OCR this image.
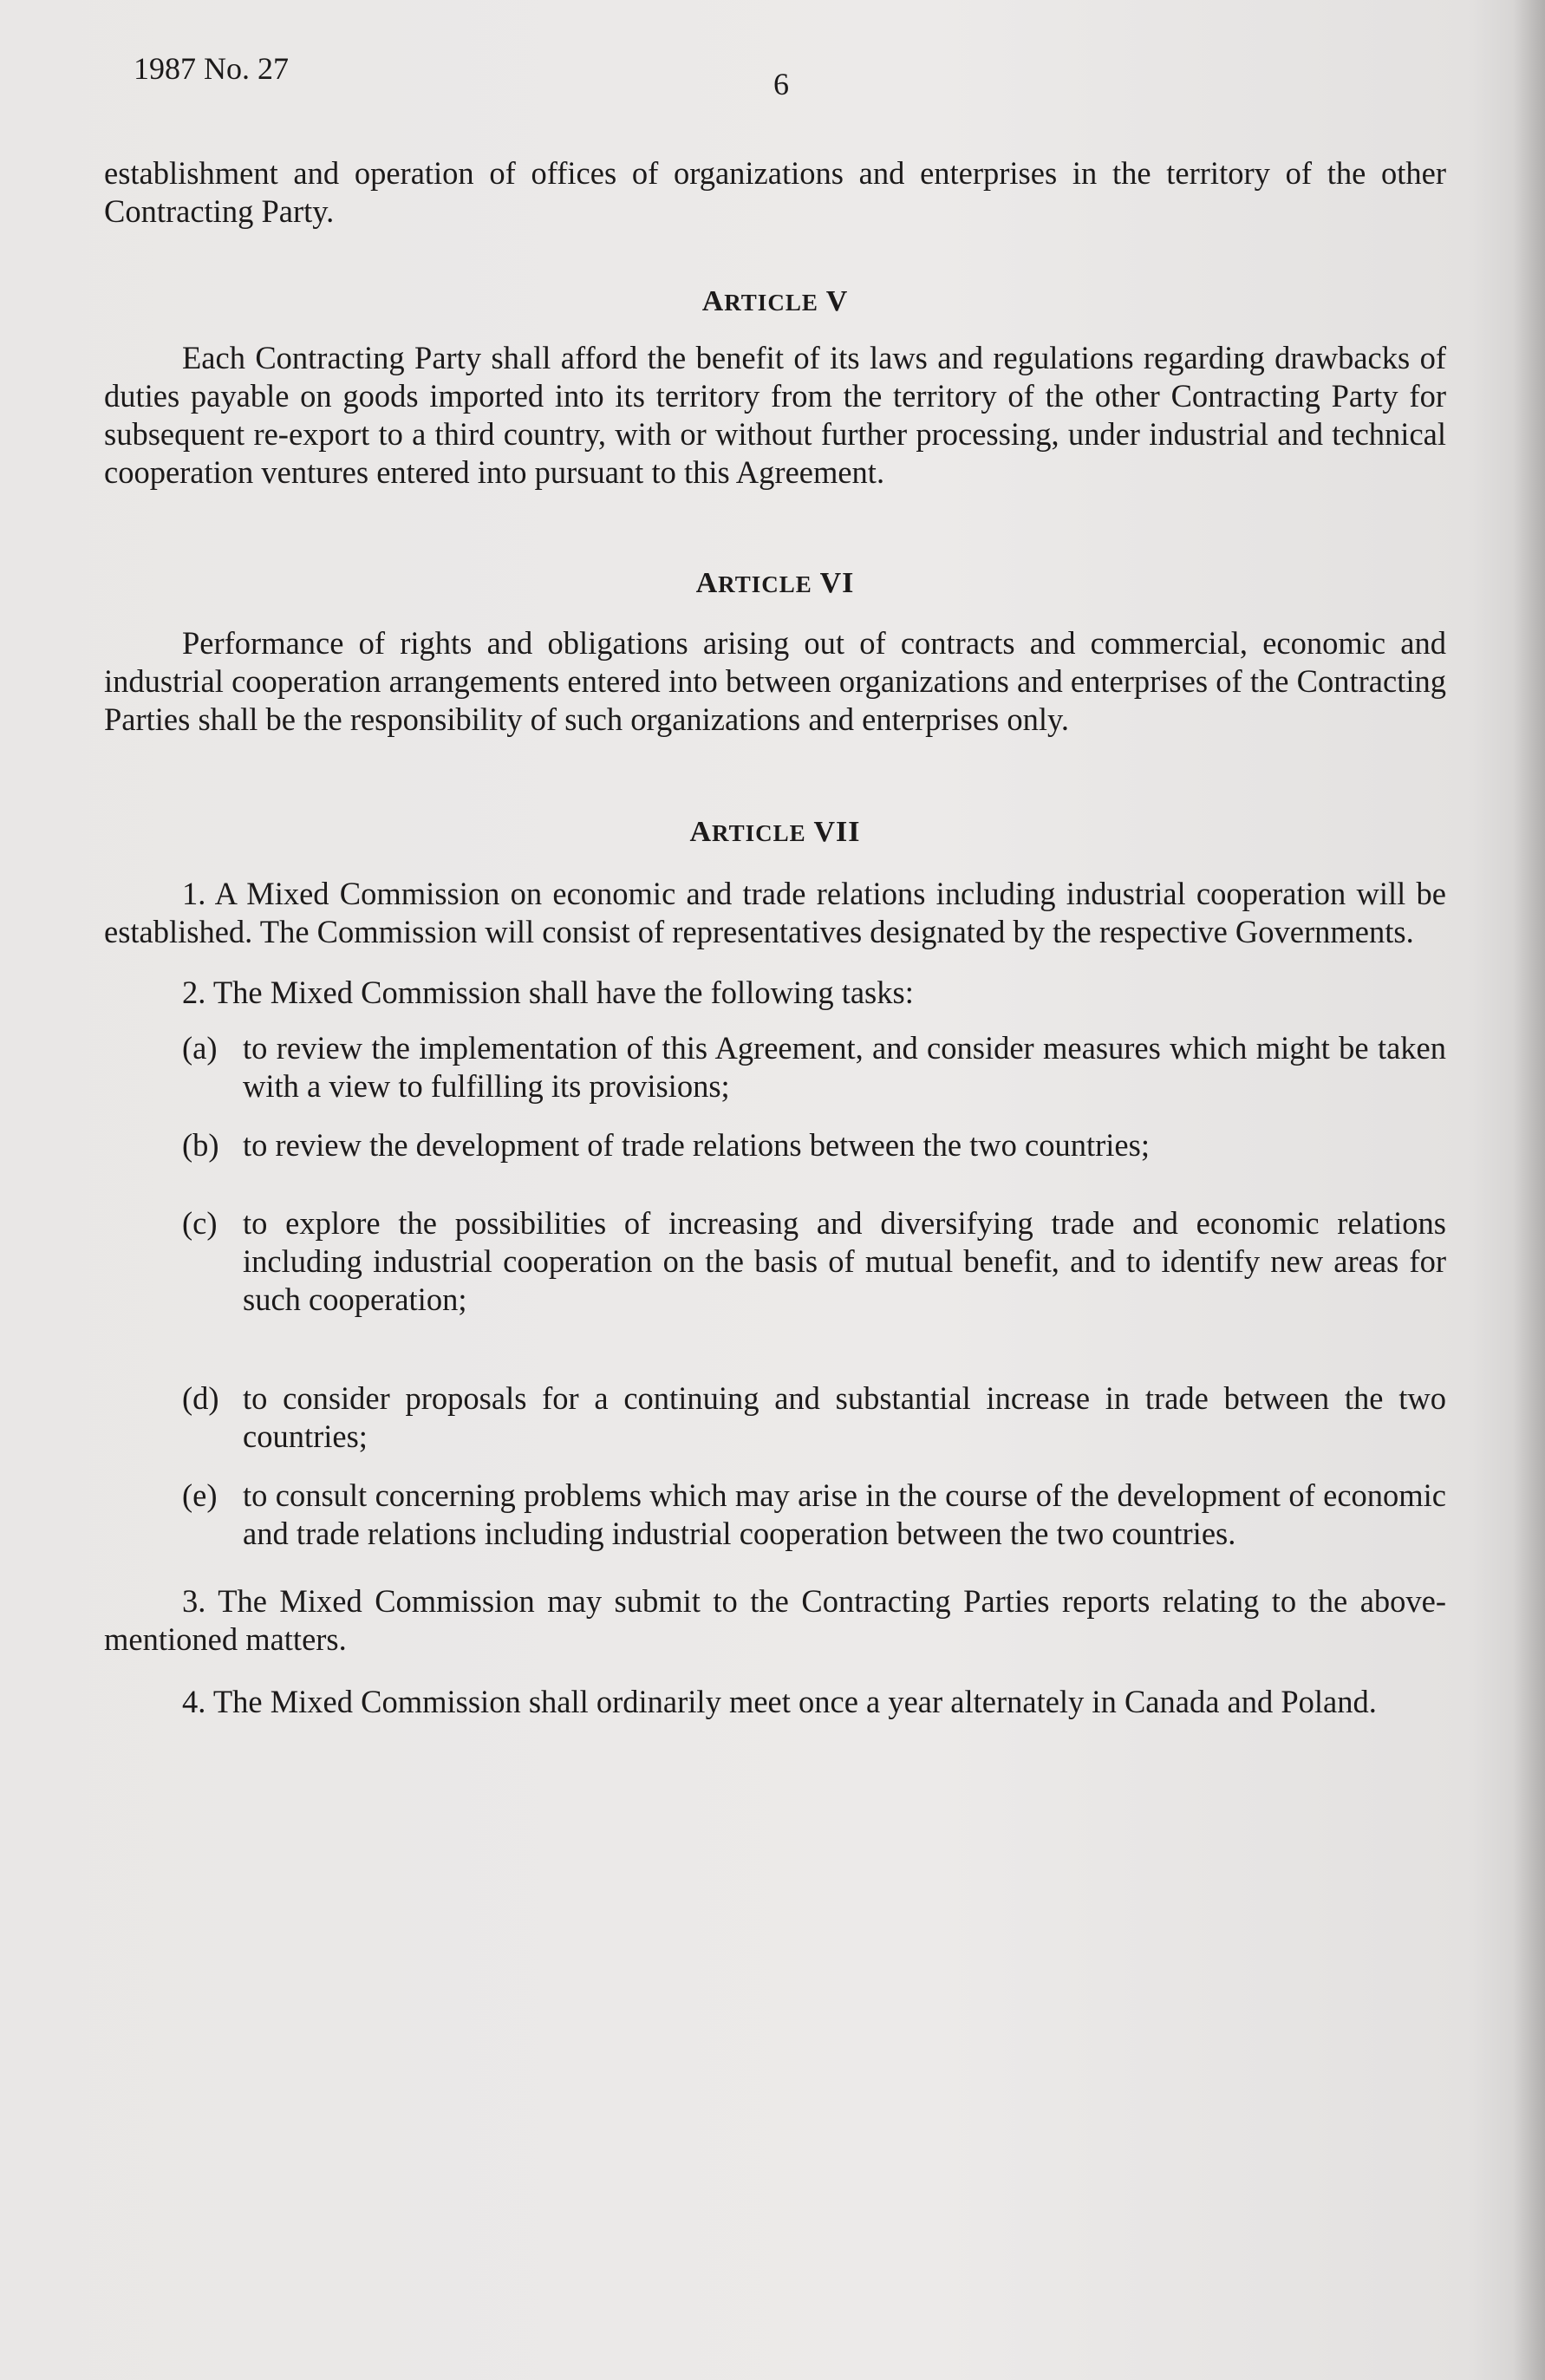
1987 No. 27	6

establishment and operation of offices of organizations and enterprises in the territory of the other Contracting Party.

ARTICLE V

Each Contracting Party shall afford the benefit of its laws and regulations regarding drawbacks of duties payable on goods imported into its territory from the territory of the other Contracting Party for subsequent re-export to a third country, with or without further processing, under industrial and technical cooperation ventures entered into pursuant to this Agreement.

ARTICLE VI

Performance of rights and obligations arising out of contracts and commercial, economic and industrial cooperation arrangements entered into between organizations and enterprises of the Contracting Parties shall be the responsibility of such organizations and enterprises only.

ARTICLE VII

1. A Mixed Commission on economic and trade relations including industrial cooperation will be established. The Commission will consist of representatives designated by the respective Governments.

2. The Mixed Commission shall have the following tasks:

(a) to review the implementation of this Agreement, and consider measures which might be taken with a view to fulfilling its provisions;
(b) to review the development of trade relations between the two countries;
(c) to explore the possibilities of increasing and diversifying trade and economic relations including industrial cooperation on the basis of mutual benefit, and to identify new areas for such cooperation;
(d) to consider proposals for a continuing and substantial increase in trade between the two countries;
(e) to consult concerning problems which may arise in the course of the development of economic and trade relations including industrial cooperation between the two countries.

3. The Mixed Commission may submit to the Contracting Parties reports relating to the above-mentioned matters.

4. The Mixed Commission shall ordinarily meet once a year alternately in Canada and Poland.
